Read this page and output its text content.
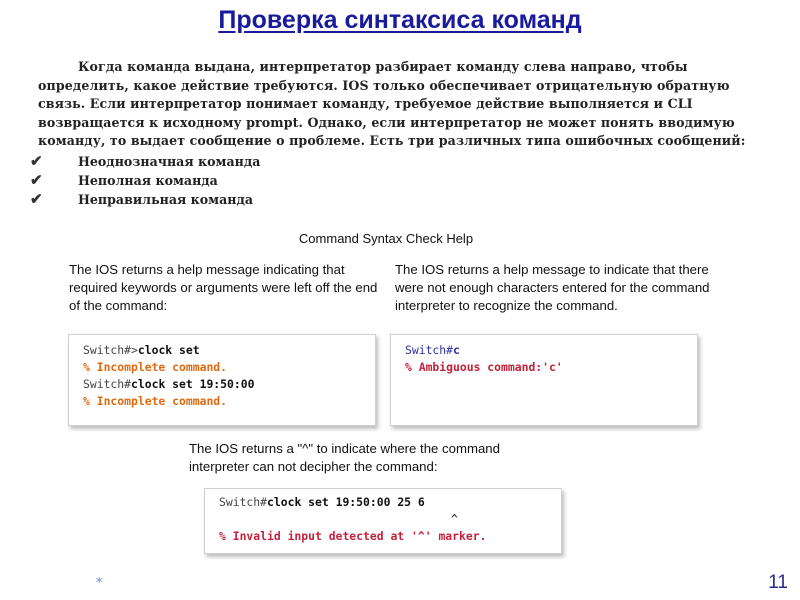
Проверка синтаксиса команд
Когда команда выдана, интерпретатор разбирает команду слева направо, чтобы определить, какое действие требуются. IOS только обеспечивает отрицательную обратную связь. Если интерпретатор понимает команду, требуемое действие выполняется и CLI возвращается к исходному prompt. Однако, если интерпретатор не может понять вводимую команду, то выдает сообщение о проблеме. Есть три различных типа ошибочных сообщений:
✔	Неоднозначная команда
✔	Неполная команда
✔	Неправильная команда
Command Syntax Check Help
The IOS returns a help message indicating that required keywords or arguments were left off the end of the command:
Switch#>clock set
% Incomplete command.
Switch#clock set 19:50:00
% Incomplete command.
The IOS returns a help message to indicate that there were not enough characters entered for the command interpreter to recognize the command.
Switch#c
% Ambiguous command:'c'
The IOS returns a "^" to indicate where the command interpreter can not decipher the command:
Switch#clock set 19:50:00 25 6
^
% Invalid input detected at '^' marker.
*	11
